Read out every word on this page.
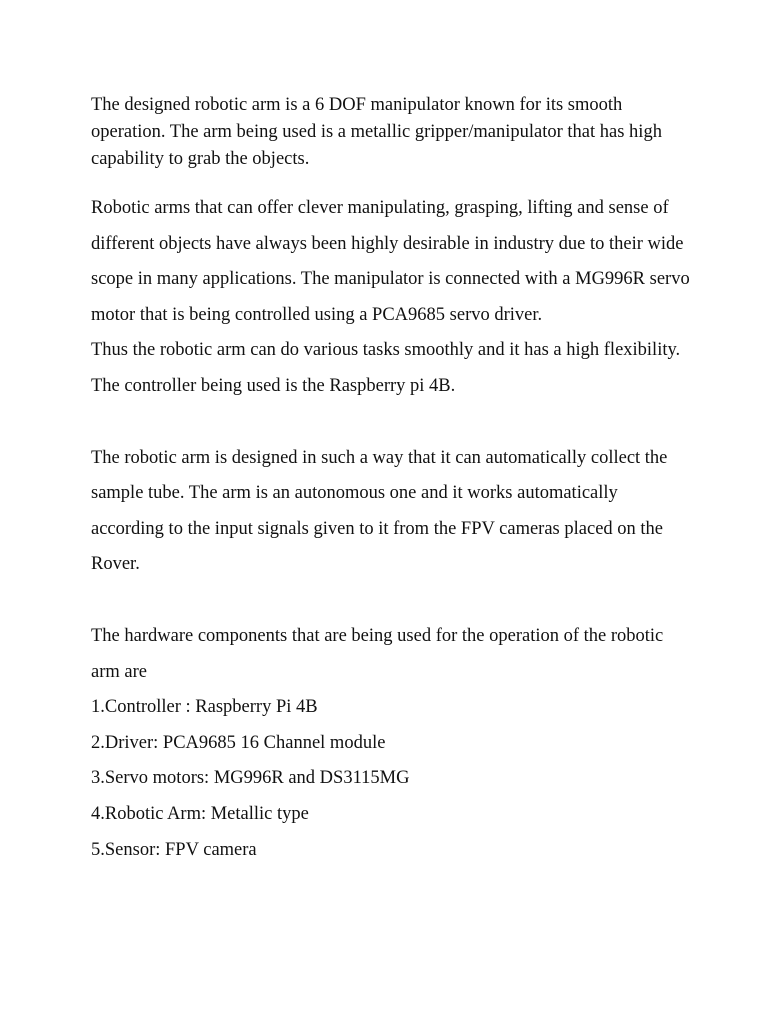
The designed robotic arm is a 6 DOF manipulator known for its smooth operation. The arm being used is a metallic gripper/manipulator that has high capability to grab the objects.

Robotic arms that can offer clever manipulating, grasping, lifting and sense of different objects have always been highly desirable in industry due to their wide scope in many applications. The manipulator is connected with a MG996R servo motor that is being controlled using a PCA9685 servo driver.

Thus the robotic arm can do various tasks smoothly and it has a high flexibility. The controller being used is the Raspberry pi 4B.

The robotic arm is designed in such a way that it can automatically collect the sample tube. The arm is an autonomous one and it works automatically according to the input signals given to it from the FPV cameras placed on the Rover.

The hardware components that are being used for the operation of the robotic arm are

1.Controller : Raspberry Pi 4B

2.Driver: PCA9685 16 Channel module

3.Servo motors: MG996R and DS3115MG

4.Robotic Arm: Metallic type

5.Sensor: FPV camera
